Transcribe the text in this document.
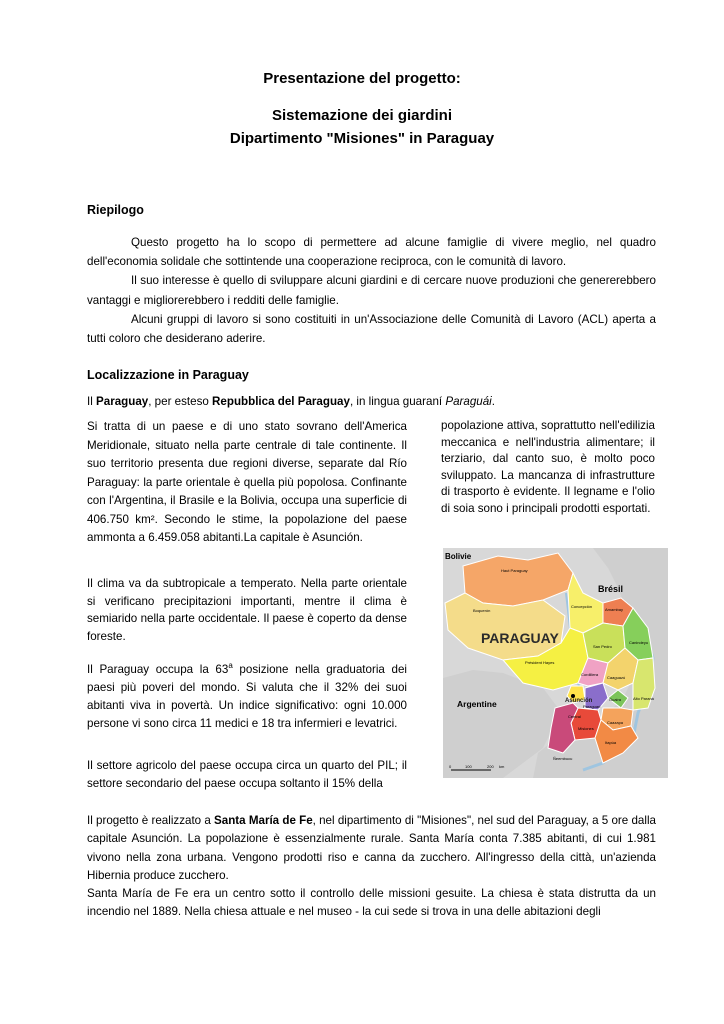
Presentazione del progetto:
Sistemazione dei giardini
Dipartimento "Misiones" in Paraguay
Riepilogo

Questo progetto ha lo scopo di permettere ad alcune famiglie di vivere meglio, nel quadro dell'economia solidale che sottintende una cooperazione reciproca, con le comunità di lavoro.

Il suo interesse è quello di sviluppare alcuni giardini e di cercare nuove produzioni che genererebbero vantaggi e migliorerebbero i redditi delle famiglie.

Alcuni gruppi di lavoro si sono costituiti in un'Associazione delle Comunità di Lavoro (ACL) aperta a tutti coloro che desiderano aderire.

Localizzazione in Paraguay

Il Paraguay, per esteso Repubblica del Paraguay, in lingua guaraní Paraguái.

Si tratta di un paese e di uno stato sovrano dell'America Meridionale, situato nella parte centrale di tale continente. Il suo territorio presenta due regioni diverse, separate dal Río Paraguay: la parte orientale è quella più popolosa. Confinante con l'Argentina, il Brasile e la Bolivia, occupa una superficie di 406.750 km². Secondo le stime, la popolazione del paese ammonta a 6.459.058 abitanti.La capitale è Asunción.

Il clima va da subtropicale a temperato. Nella parte orientale si verificano precipitazioni importanti, mentre il clima è semiarido nella parte occidentale. Il paese è coperto da dense foreste.

Il Paraguay occupa la 63$^a$ posizione nella graduatoria dei paesi più poveri del mondo. Si valuta che il 32% dei suoi abitanti viva in povertà. Un indice significativo: ogni 10.000 persone vi sono circa 11 medici e 18 tra infermieri e levatrici.

Il settore agricolo del paese occupa circa un quarto del PIL; il settore secondario del paese occupa soltanto il 15% della

popolazione attiva, soprattutto nell'edilizia meccanica e nell'industria alimentare; il terziario, dal canto suo, è molto poco sviluppato. La mancanza di infrastrutture di trasporto è evidente. Il legname e l'olio di soia sono i principali prodotti esportati.

Bolivie
Brésil
Argentine
PARAGUAY
Asunción
Haut Paraguay
Boquerón
Concepción
Amambay
Président Hayes
San Pedro
Canindeyu
Cordillera
Caaguazú
Alto Paraná
Central
Paraguari
Guaira
Caazapa
Misiones
Itapúa
Ñeembucu
0	100	200 km

Il progetto è realizzato a Santa María de Fe, nel dipartimento di "Misiones", nel sud del Paraguay, a 5 ore dalla capitale Asunción. La popolazione è essenzialmente rurale. Santa María conta 7.385 abitanti, di cui 1.981 vivono nella zona urbana. Vengono prodotti riso e canna da zucchero. All'ingresso della città, un'azienda Hibernia produce zucchero.

Santa María de Fe era un centro sotto il controllo delle missioni gesuite. La chiesa è stata distrutta da un incendio nel 1889. Nella chiesa attuale e nel museo - la cui sede si trova in una delle abitazioni degli
